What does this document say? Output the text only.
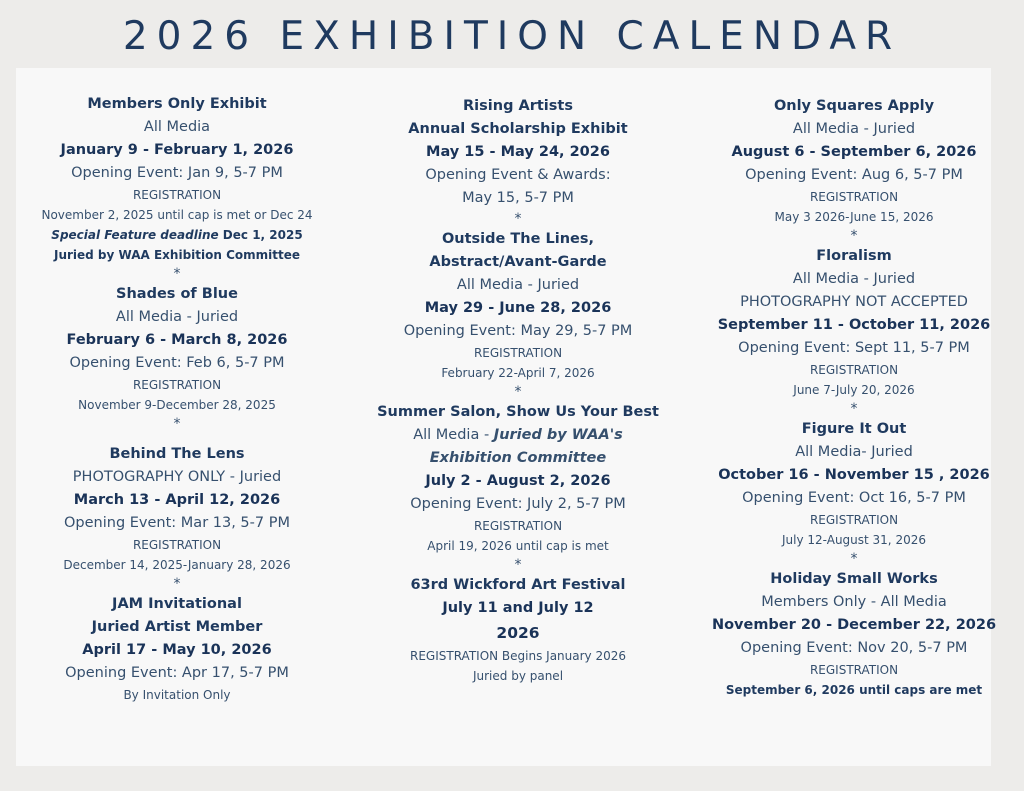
2026 EXHIBITION CALENDAR
Members Only Exhibit
All Media
January 9 - February 1, 2026
Opening Event: Jan 9, 5-7 PM
REGISTRATION
November 2, 2025 until cap is met or Dec 24
Special Feature deadline Dec 1, 2025
Juried by WAA Exhibition Committee
*
Shades of Blue
All Media - Juried
February 6 - March 8, 2026
Opening Event: Feb 6, 5-7 PM
REGISTRATION
November 9-December 28, 2025
*
Behind The Lens
PHOTOGRAPHY ONLY - Juried
March 13 - April 12, 2026
Opening Event: Mar 13, 5-7 PM
REGISTRATION
December 14, 2025-January 28, 2026
*
JAM Invitational
Juried Artist Member
April 17 - May 10, 2026
Opening Event: Apr 17, 5-7 PM
By Invitation Only
Rising Artists
Annual Scholarship Exhibit
May 15 - May 24, 2026
Opening Event & Awards:
May 15, 5-7 PM
*
Outside The Lines,
Abstract/Avant-Garde
All Media - Juried
May 29 - June 28, 2026
Opening Event: May 29, 5-7 PM
REGISTRATION
February 22-April 7, 2026
*
Summer Salon, Show Us Your Best
All Media - Juried by WAA's
Exhibition Committee
July 2 - August 2, 2026
Opening Event: July 2, 5-7 PM
REGISTRATION
April 19, 2026 until cap is met
*
63rd Wickford Art Festival
July 11 and July 12
2026
REGISTRATION Begins January 2026
Juried by panel
Only Squares Apply
All Media - Juried
August 6 - September 6, 2026
Opening Event: Aug 6, 5-7 PM
REGISTRATION
May 3 2026-June 15, 2026
*
Floralism
All Media - Juried
PHOTOGRAPHY NOT ACCEPTED
September 11 - October 11, 2026
Opening Event: Sept 11, 5-7 PM
REGISTRATION
June 7-July 20, 2026
*
Figure It Out
All Media- Juried
October 16 - November 15 , 2026
Opening Event: Oct 16, 5-7 PM
REGISTRATION
July 12-August 31, 2026
*
Holiday Small Works
Members Only - All Media
November 20 - December 22, 2026
Opening Event: Nov 20, 5-7 PM
REGISTRATION
September 6, 2026 until caps are met
